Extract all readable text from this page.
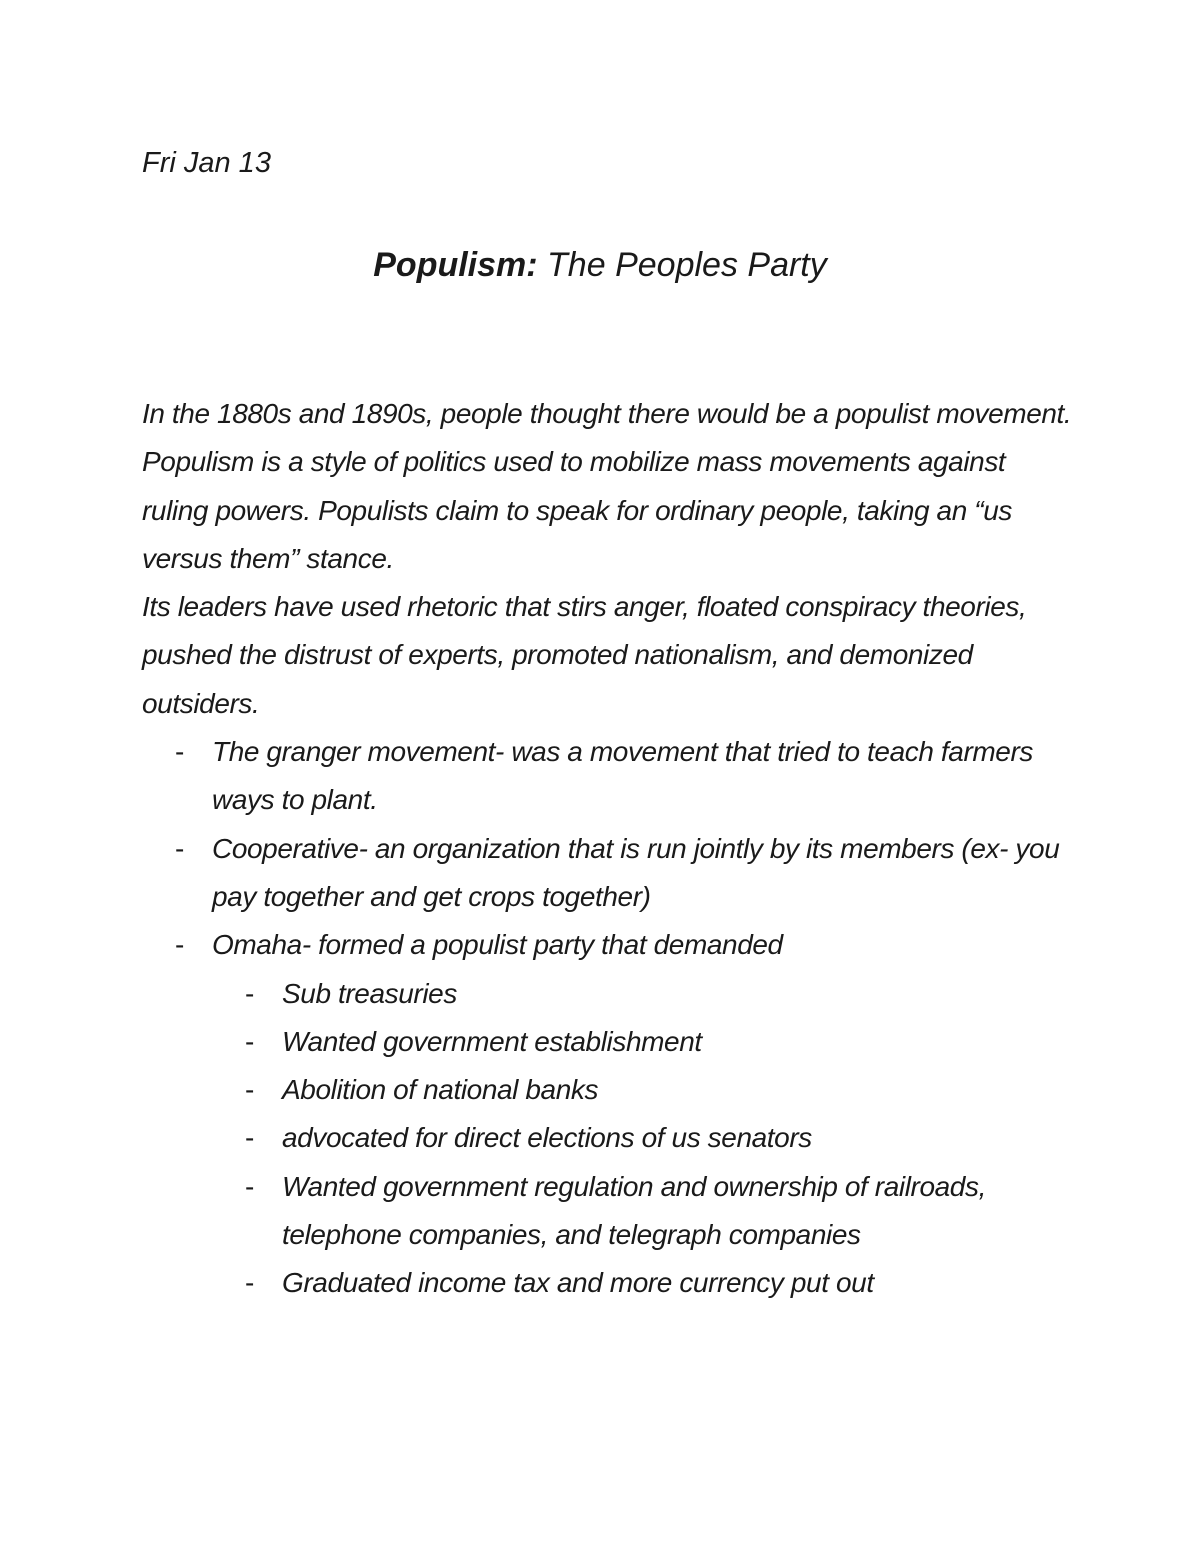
Fri Jan 13

Populism: The Peoples Party

In the 1880s and 1890s, people thought there would be a populist movement.

Populism is a style of politics used to mobilize mass movements against ruling powers. Populists claim to speak for ordinary people, taking an “us versus them” stance.

Its leaders have used rhetoric that stirs anger, floated conspiracy theories, pushed the distrust of experts, promoted nationalism, and demonized outsiders.

- The granger movement- was a movement that tried to teach farmers ways to plant.
- Cooperative- an organization that is run jointly by its members (ex- you pay together and get crops together)
- Omaha- formed a populist party that demanded
- Sub treasuries
- Wanted government establishment
- Abolition of national banks
- advocated for direct elections of us senators
- Wanted government regulation and ownership of railroads, telephone companies, and telegraph companies
- Graduated income tax and more currency put out
